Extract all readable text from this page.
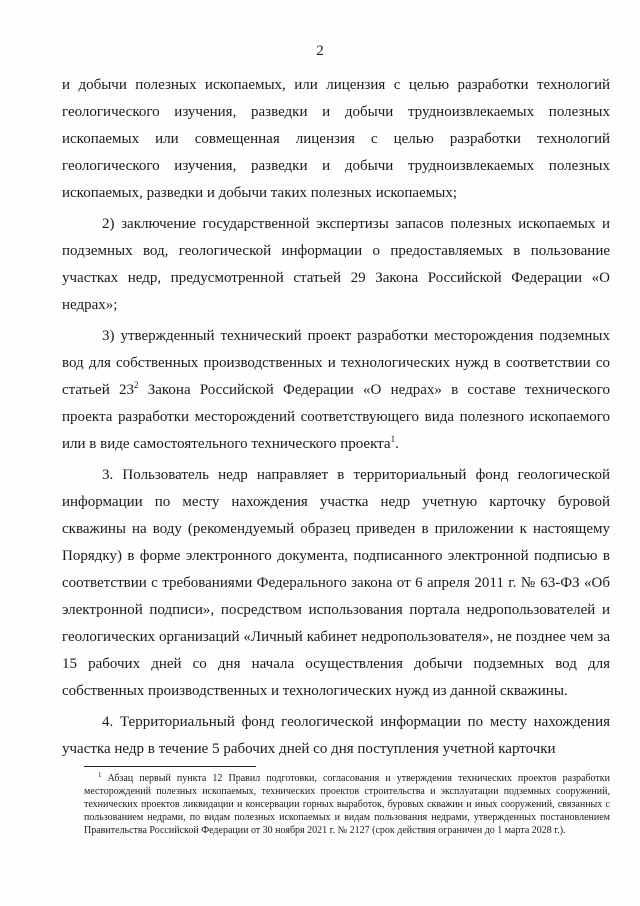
2

и добычи полезных ископаемых, или лицензия с целью разработки технологий геологического изучения, разведки и добычи трудноизвлекаемых полезных ископаемых или совмещенная лицензия с целью разработки технологий геологического изучения, разведки и добычи трудноизвлекаемых полезных ископаемых, разведки и добычи таких полезных ископаемых;

2) заключение государственной экспертизы запасов полезных ископаемых и подземных вод, геологической информации о предоставляемых в пользование участках недр, предусмотренной статьей 29 Закона Российской Федерации «О недрах»;

3) утвержденный технический проект разработки месторождения подземных вод для собственных производственных и технологических нужд в соответствии со статьей $23^2$ Закона Российской Федерации «О недрах» в составе технического проекта разработки месторождений соответствующего вида полезного ископаемого или в виде самостоятельного технического проекта$^1$.

3. Пользователь недр направляет в территориальный фонд геологической информации по месту нахождения участка недр учетную карточку буровой скважины на воду (рекомендуемый образец приведен в приложении к настоящему Порядку) в форме электронного документа, подписанного электронной подписью в соответствии с требованиями Федерального закона от 6 апреля 2011 г. № 63-ФЗ «Об электронной подписи», посредством использования портала недропользователей и геологических организаций «Личный кабинет недропользователя», не позднее чем за 15 рабочих дней со дня начала осуществления добычи подземных вод для собственных производственных и технологических нужд из данной скважины.

4. Территориальный фонд геологической информации по месту нахождения участка недр в течение 5 рабочих дней со дня поступления учетной карточки

$^1$ Абзац первый пункта 12 Правил подготовки, согласования и утверждения технических проектов разработки месторождений полезных ископаемых, технических проектов строительства и эксплуатации подземных сооружений, технических проектов ликвидации и консервации горных выработок, буровых скважин и иных сооружений, связанных с пользованием недрами, по видам полезных ископаемых и видам пользования недрами, утвержденных постановлением Правительства Российской Федерации от 30 ноября 2021 г. № 2127 (срок действия ограничен до 1 марта 2028 г.).
